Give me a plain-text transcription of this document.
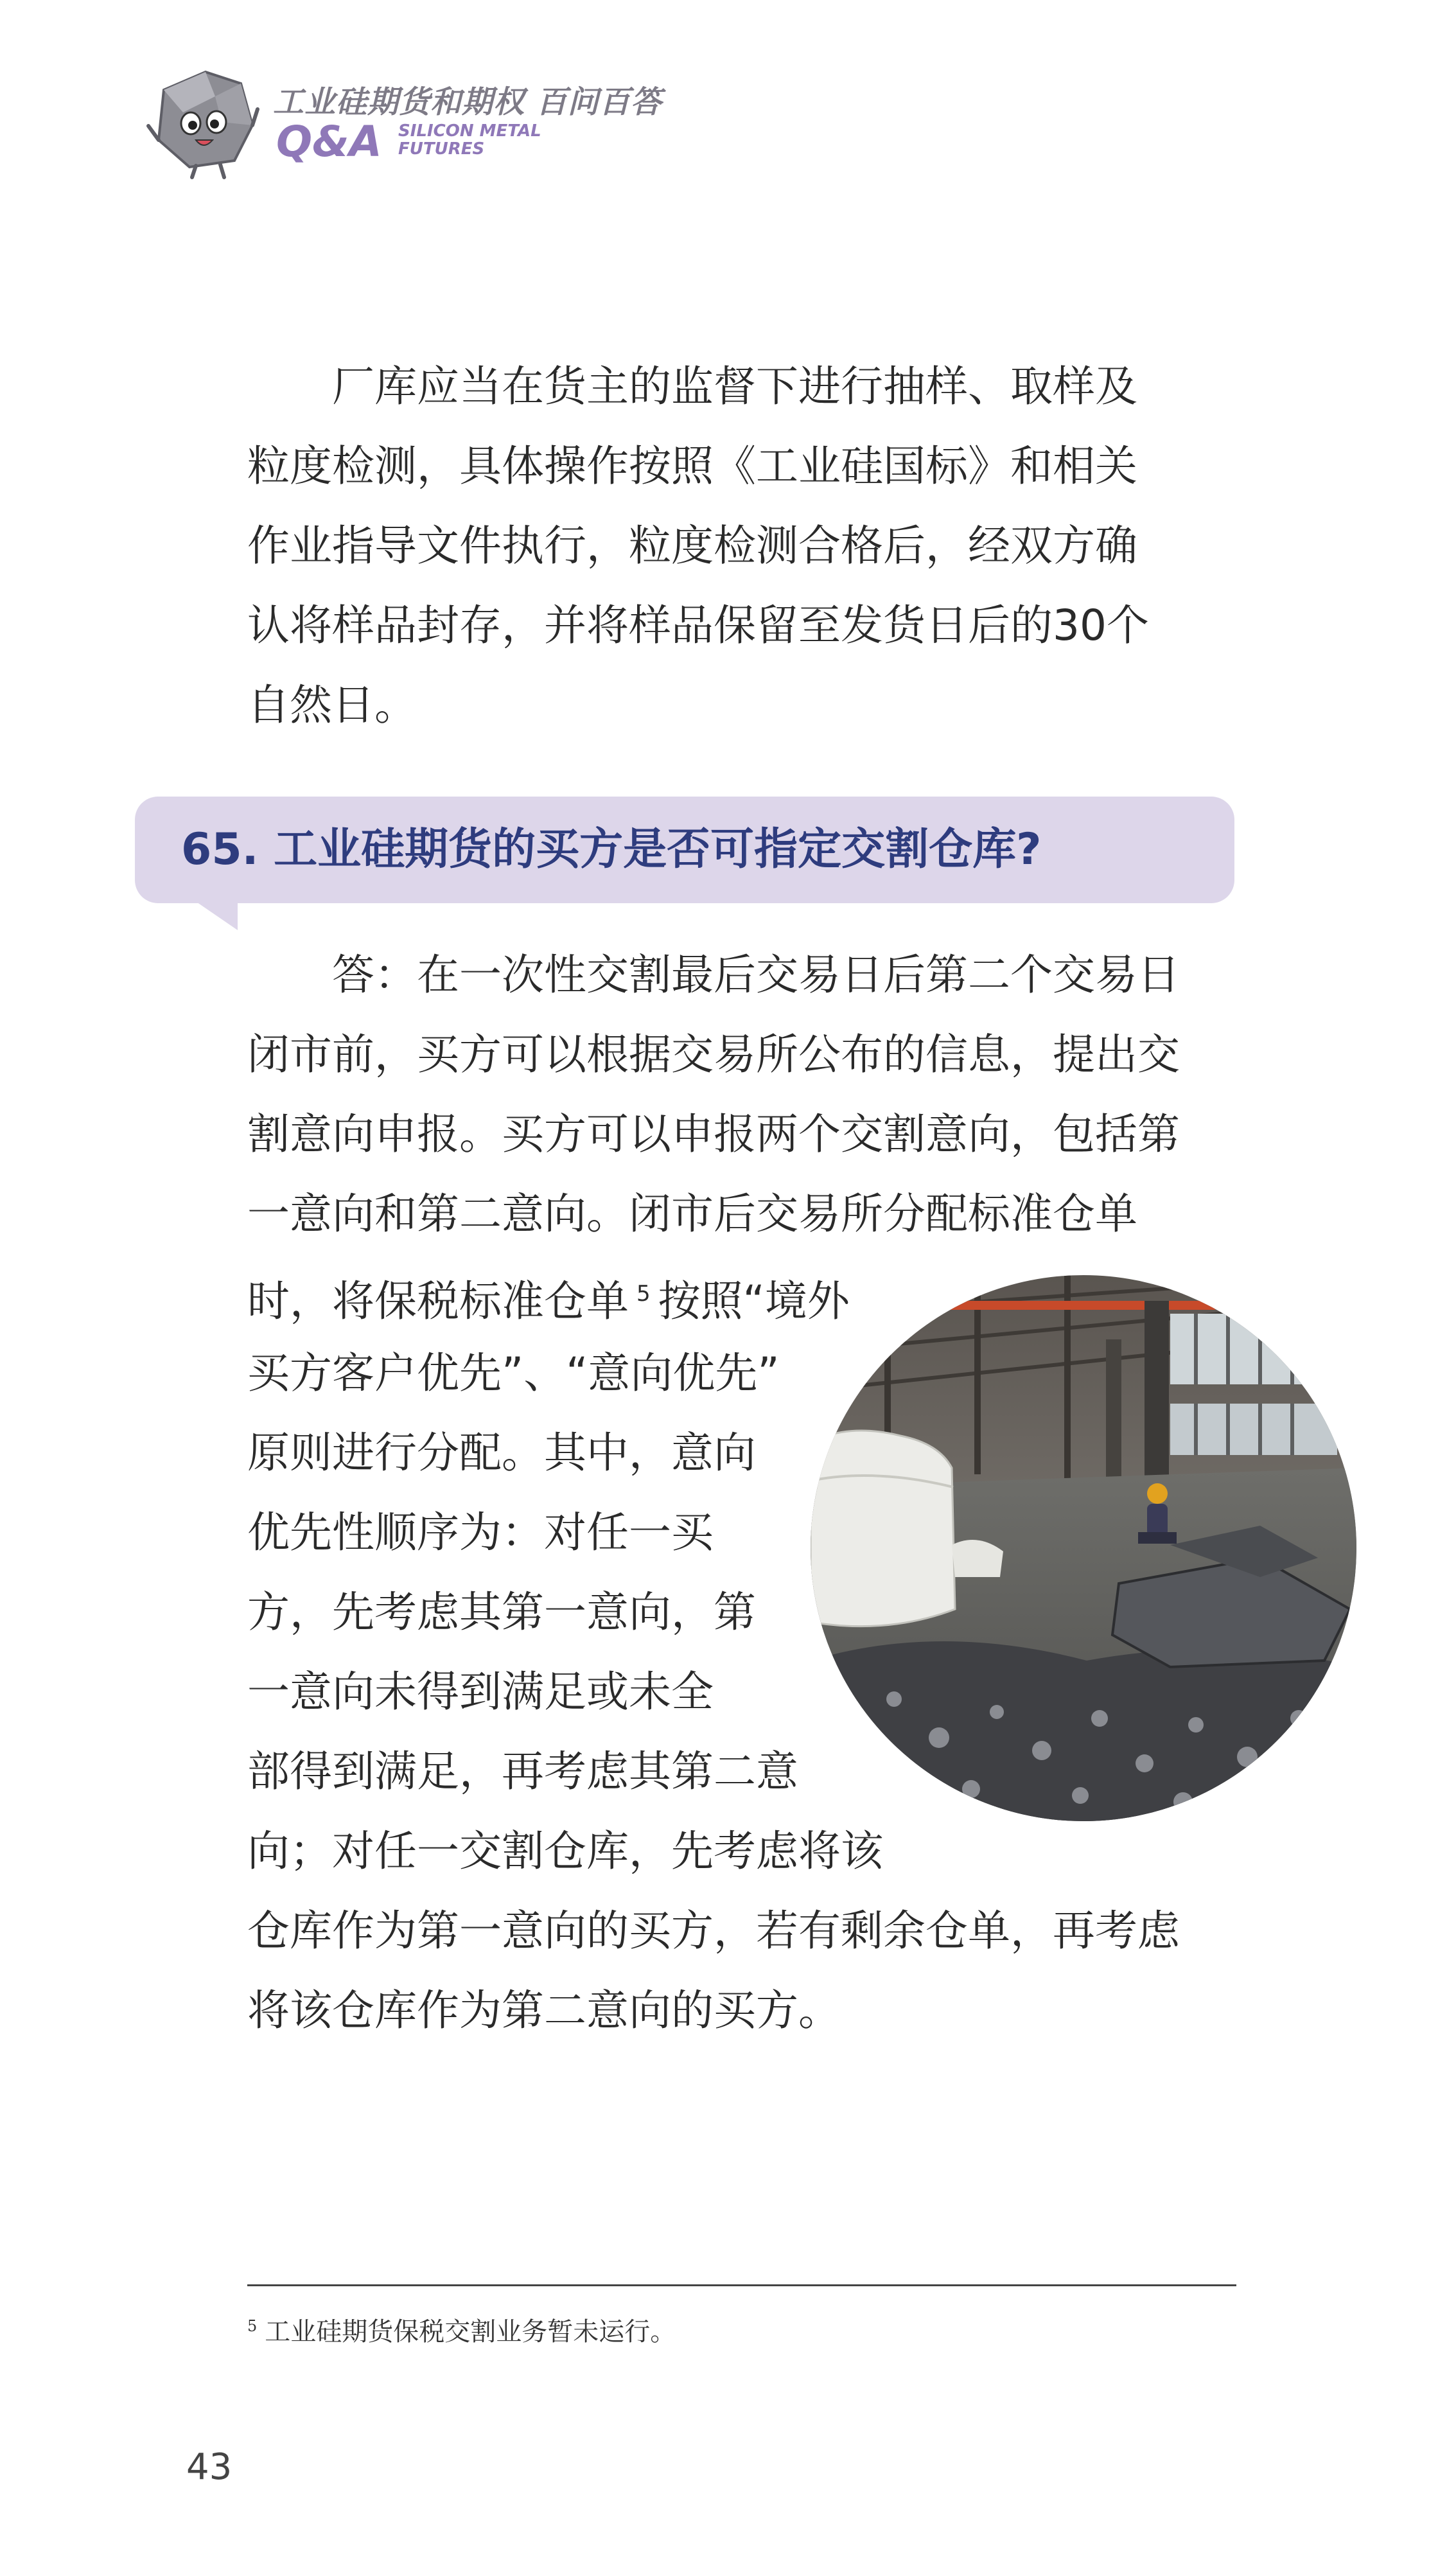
工业硅期货和期权 百问百答
Q&A SILICON METAL
FUTURES
厂库应当在货主的监督下进行抽样、取样及
粒度检测，具体操作按照《工业硅国标》和相关
作业指导文件执行，粒度检测合格后，经双方确
认将样品封存，并将样品保留至发货日后的30个
自然日。
65. 工业硅期货的买方是否可指定交割仓库?
答：在一次性交割最后交易日后第二个交易日
闭市前，买方可以根据交易所公布的信息，提出交
割意向申报。买方可以申报两个交割意向，包括第
一意向和第二意向。闭市后交易所分配标准仓单
时，将保税标准仓单 $^5$ 按照“境外
买方客户优先”、“意向优先”
原则进行分配。其中，意向
优先性顺序为：对任一买
方，先考虑其第一意向，第
一意向未得到满足或未全
部得到满足，再考虑其第二意
向；对任一交割仓库，先考虑将该
仓库作为第一意向的买方，若有剩余仓单，再考虑
将该仓库作为第二意向的买方。
$^5$ 工业硅期货保税交割业务暂未运行。
43
